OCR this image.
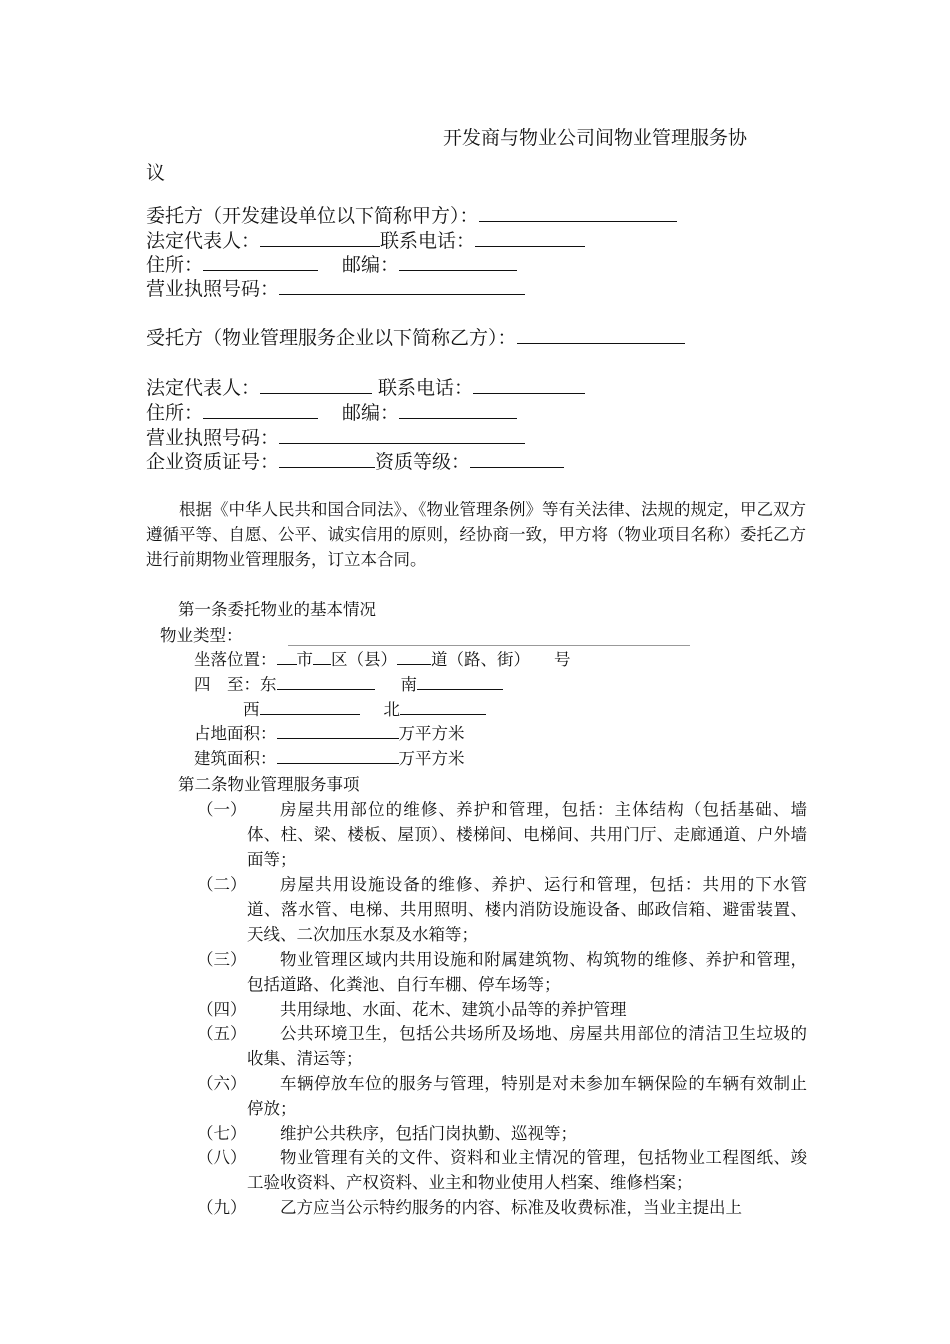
开发商与物业公司间物业管理服务协
议
委托方（开发建设单位以下简称甲方）：
法定代表人：	联系电话：
住所：	邮编：
营业执照号码：
受托方（物业管理服务企业以下简称乙方）：
法定代表人：	联系电话：
住所：	邮编：
营业执照号码：
企业资质证号：	资质等级：
根据《中华人民共和国合同法》、《物业管理条例》等有关法律、法规的规定，甲乙双方遵循平等、自愿、公平、诚实信用的原则，经协商一致，甲方将（物业项目名称）委托乙方进行前期物业管理服务，订立本合同。
第一条委托物业的基本情况
物业类型：
坐落位置： 市 区（县） 道（路、街） 号
四　至：东	南
西	北
占地面积：	万平方米
建筑面积：	万平方米
第二条物业管理服务事项
（一）	房屋共用部位的维修、养护和管理，包括：主体结构（包括基础、墙体、柱、梁、楼板、屋顶）、楼梯间、电梯间、共用门厅、走廊通道、户外墙面等；
（二）	房屋共用设施设备的维修、养护、运行和管理，包括：共用的下水管道、落水管、电梯、共用照明、楼内消防设施设备、邮政信箱、避雷装置、天线、二次加压水泵及水箱等；
（三）	物业管理区域内共用设施和附属建筑物、构筑物的维修、养护和管理，包括道路、化粪池、自行车棚、停车场等；
（四）	共用绿地、水面、花木、建筑小品等的养护管理
（五）	公共环境卫生，包括公共场所及场地、房屋共用部位的清洁卫生垃圾的收集、清运等；
（六）	车辆停放车位的服务与管理，特别是对未参加车辆保险的车辆有效制止停放；
（七）	维护公共秩序，包括门岗执勤、巡视等；
（八）	物业管理有关的文件、资料和业主情况的管理，包括物业工程图纸、竣工验收资料、产权资料、业主和物业使用人档案、维修档案；
（九）	乙方应当公示特约服务的内容、标准及收费标准，当业主提出上
